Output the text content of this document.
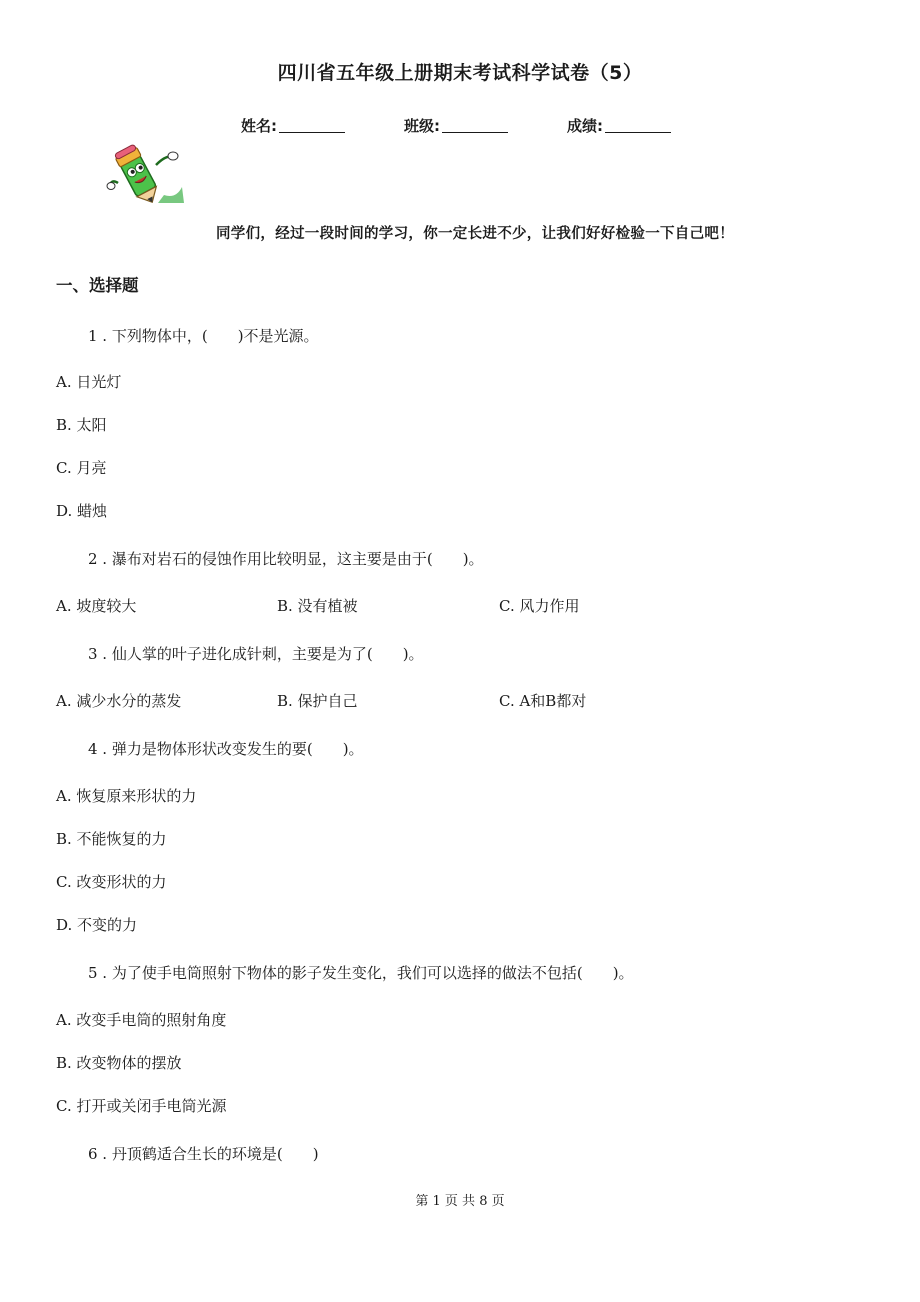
四川省五年级上册期末考试科学试卷（5）
姓名:	班级:	成绩:
同学们，经过一段时间的学习，你一定长进不少，让我们好好检验一下自己吧！
一、选择题
1 . 下列物体中，(　　)不是光源。
A. 日光灯
B. 太阳
C. 月亮
D. 蜡烛
2 . 瀑布对岩石的侵蚀作用比较明显，这主要是由于(　　)。
A. 坡度较大	B. 没有植被	C. 风力作用
3 . 仙人掌的叶子进化成针刺，主要是为了(　　)。
A. 减少水分的蒸发	B. 保护自己	C. A和B都对
4 . 弹力是物体形状改变发生的要(　　)。
A. 恢复原来形状的力
B. 不能恢复的力
C. 改变形状的力
D. 不变的力
5 . 为了使手电筒照射下物体的影子发生变化，我们可以选择的做法不包括(　　)。
A. 改变手电筒的照射角度
B. 改变物体的摆放
C. 打开或关闭手电筒光源
6 . 丹顶鹤适合生长的环境是(　　)
第 1 页 共 8 页
